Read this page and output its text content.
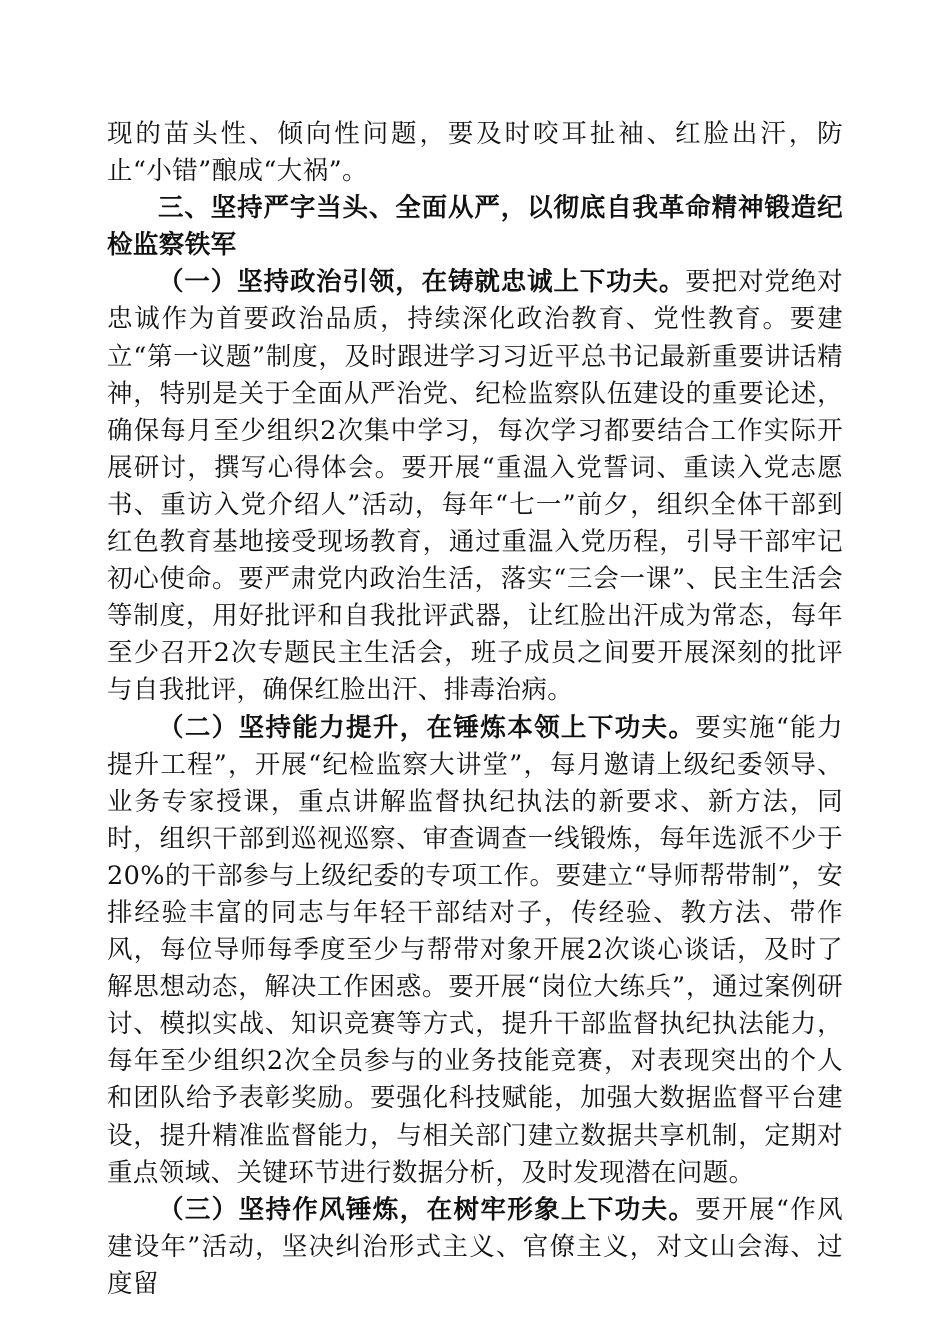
现的苗头性、倾向性问题，要及时咬耳扯袖、红脸出汗，防止“小错”酿成“大祸”。

三、坚持严字当头、全面从严，以彻底自我革命精神锻造纪检监察铁军

（一）坚持政治引领，在铸就忠诚上下功夫。要把对党绝对忠诚作为首要政治品质，持续深化政治教育、党性教育。要建立“第一议题”制度，及时跟进学习习近平总书记最新重要讲话精神，特别是关于全面从严治党、纪检监察队伍建设的重要论述，确保每月至少组织2次集中学习，每次学习都要结合工作实际开展研讨，撰写心得体会。要开展“重温入党誓词、重读入党志愿书、重访入党介绍人”活动，每年“七一”前夕，组织全体干部到红色教育基地接受现场教育，通过重温入党历程，引导干部牢记初心使命。要严肃党内政治生活，落实“三会一课”、民主生活会等制度，用好批评和自我批评武器，让红脸出汗成为常态，每年至少召开2次专题民主生活会，班子成员之间要开展深刻的批评与自我批评，确保红脸出汗、排毒治病。

（二）坚持能力提升，在锤炼本领上下功夫。要实施“能力提升工程”，开展“纪检监察大讲堂”，每月邀请上级纪委领导、业务专家授课，重点讲解监督执纪执法的新要求、新方法，同时，组织干部到巡视巡察、审查调查一线锻炼，每年选派不少于20%的干部参与上级纪委的专项工作。要建立“导师帮带制”，安排经验丰富的同志与年轻干部结对子，传经验、教方法、带作风，每位导师每季度至少与帮带对象开展2次谈心谈话，及时了解思想动态，解决工作困惑。要开展“岗位大练兵”，通过案例研讨、模拟实战、知识竞赛等方式，提升干部监督执纪执法能力，每年至少组织2次全员参与的业务技能竞赛，对表现突出的个人和团队给予表彰奖励。要强化科技赋能，加强大数据监督平台建设，提升精准监督能力，与相关部门建立数据共享机制，定期对重点领域、关键环节进行数据分析，及时发现潜在问题。

（三）坚持作风锤炼，在树牢形象上下功夫。要开展“作风建设年”活动，坚决纠治形式主义、官僚主义，对文山会海、过度留
